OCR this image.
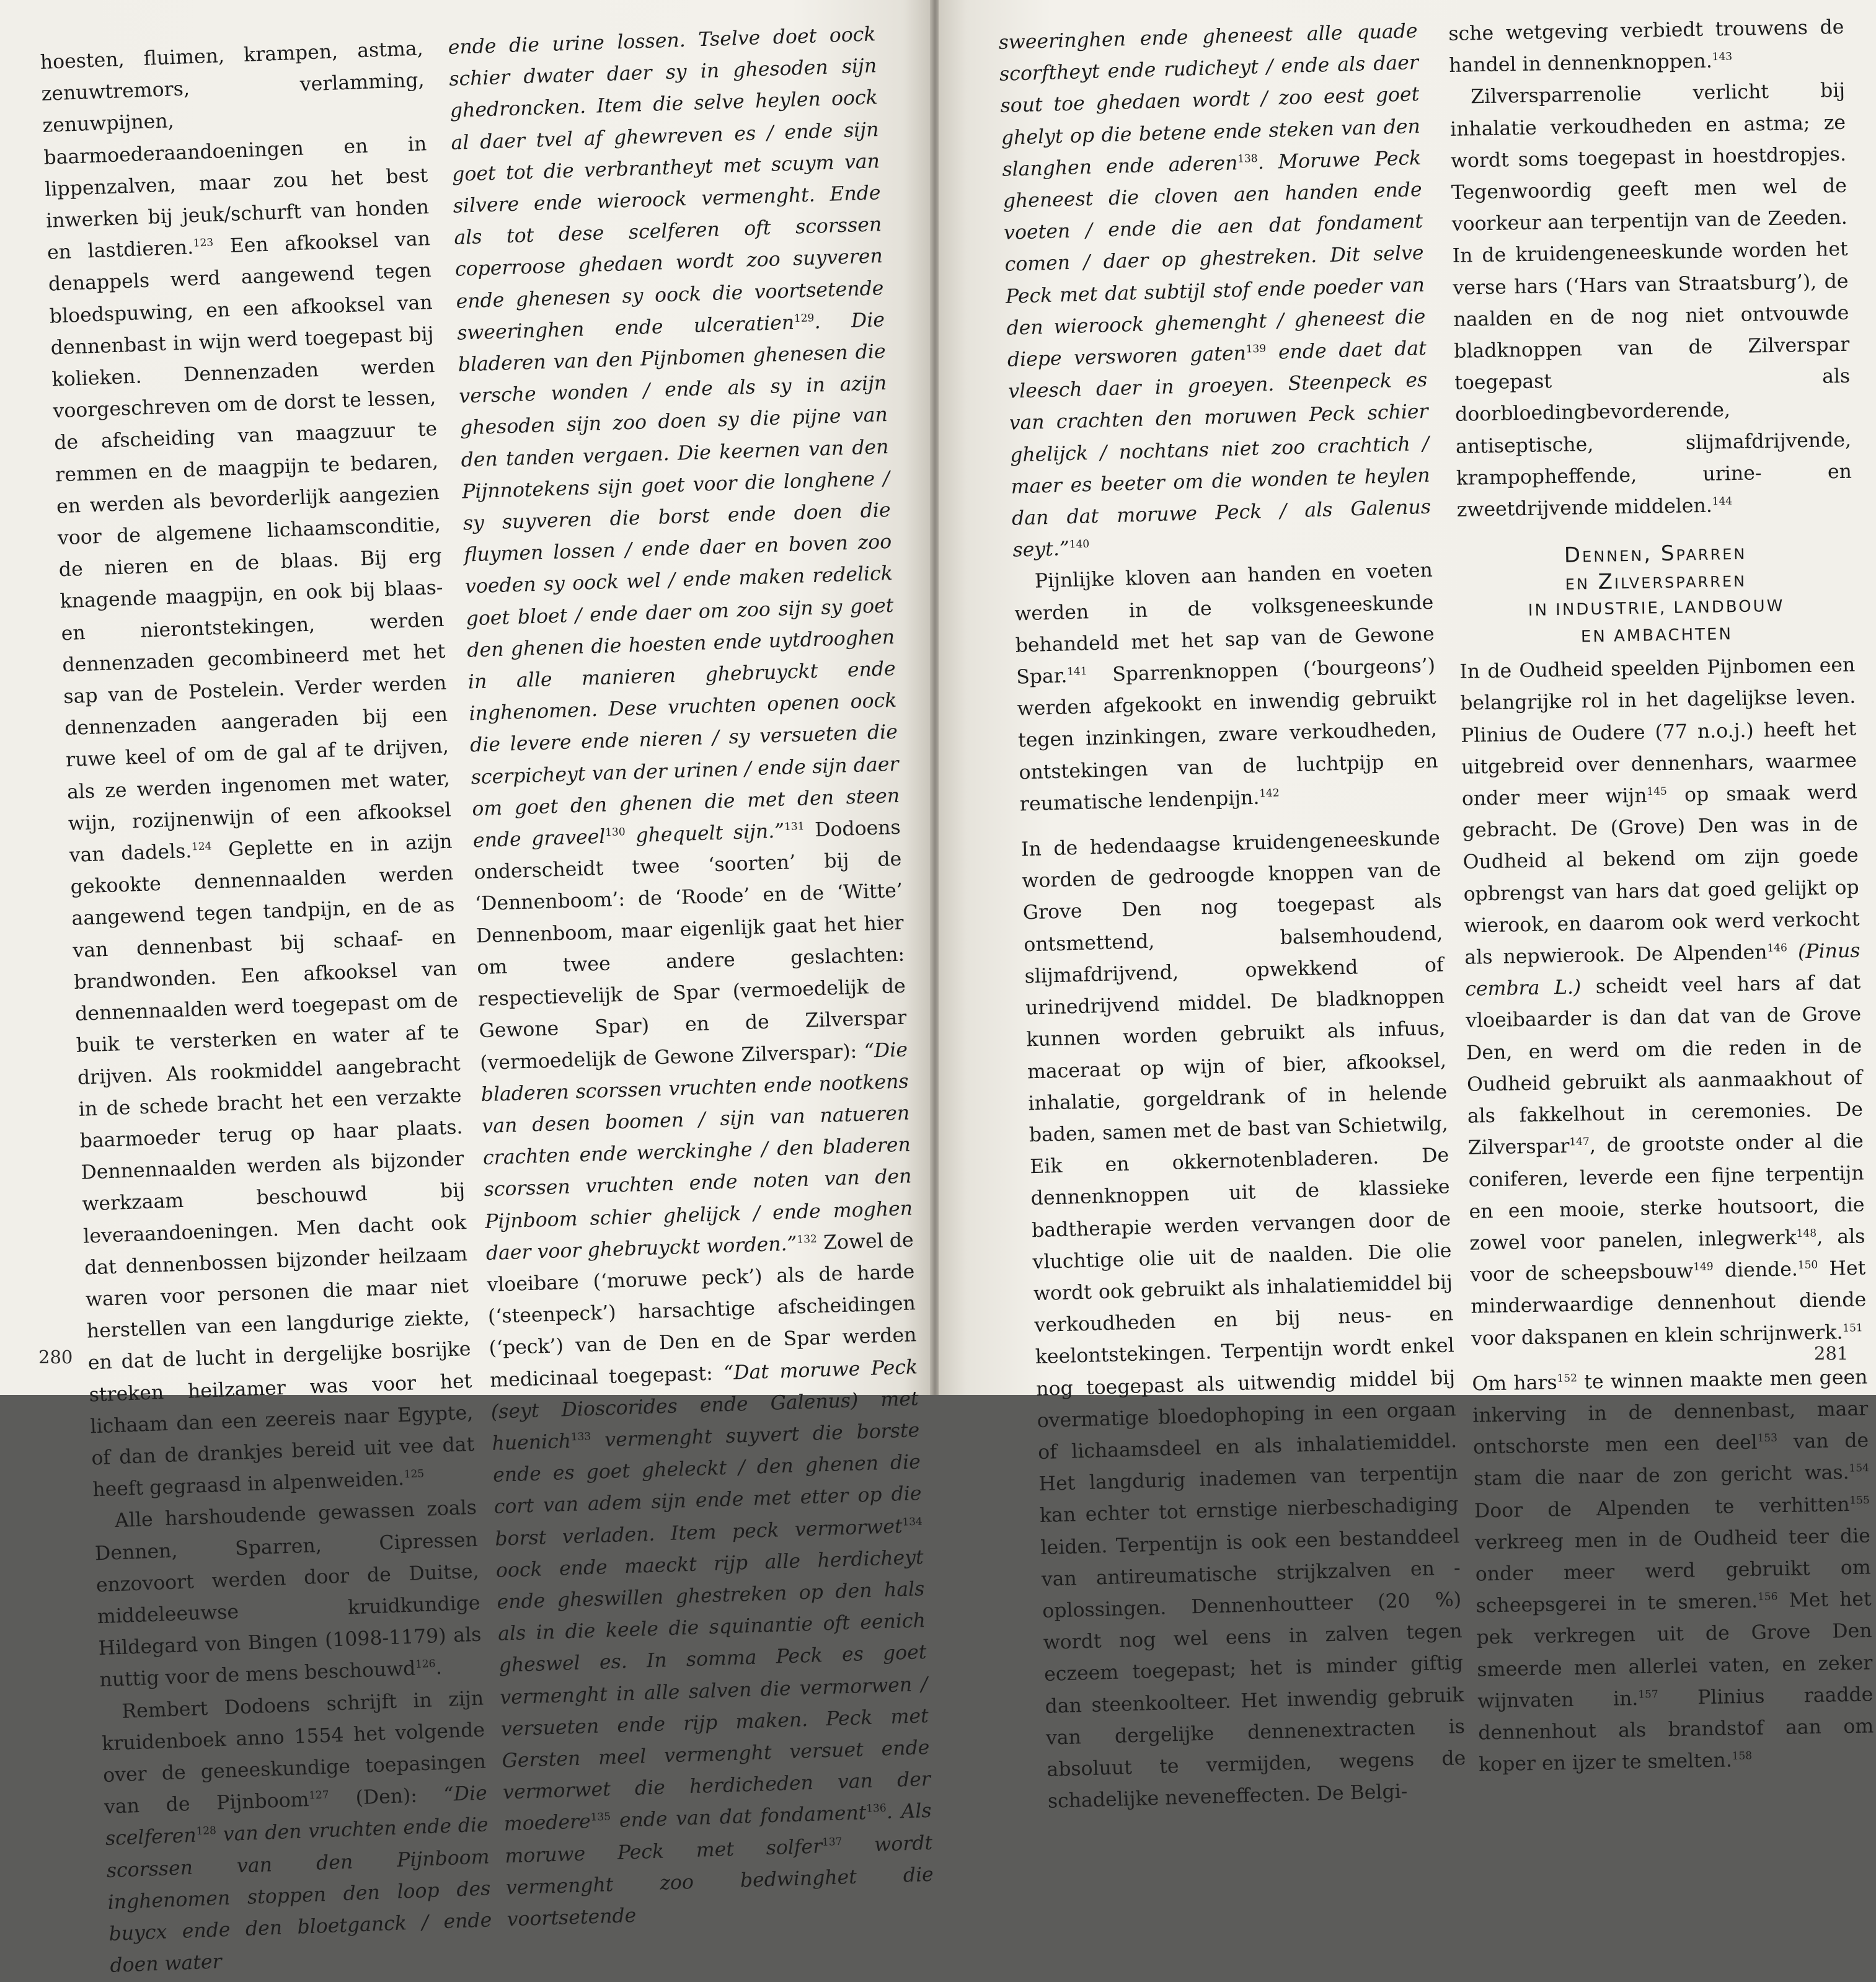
hoesten, fluimen, krampen, astma, zenuwtremors, verlamming, zenuwpijnen, baarmoederaandoeningen en in lippenzalven, maar zou het best inwerken bij jeuk/schurft van honden en lastdieren.$^{123}$ Een afkooksel van denappels werd aangewend tegen bloedspuwing, en een afkooksel van dennenbast in wijn werd toegepast bij kolieken. Dennenzaden werden voorgeschreven om de dorst te lessen, de afscheiding van maagzuur te remmen en de maagpijn te bedaren, en werden als bevorderlijk aangezien voor de algemene lichaamsconditie, de nieren en de blaas. Bij erg knagende maagpijn, en ook bij blaas- en nierontstekingen, werden dennenzaden gecombineerd met het sap van de Postelein. Verder werden dennenzaden aangeraden bij een ruwe keel of om de gal af te drijven, als ze werden ingenomen met water, wijn, rozijnenwijn of een afkooksel van dadels.$^{124}$ Geplette en in azijn gekookte dennennaalden werden aangewend tegen tandpijn, en de as van dennenbast bij schaaf- en brandwonden. Een afkooksel van dennennaalden werd toegepast om de buik te versterken en water af te drijven. Als rookmiddel aangebracht in de schede bracht het een verzakte baarmoeder terug op haar plaats. Dennennaalden werden als bijzonder werkzaam beschouwd bij leveraandoeningen. Men dacht ook dat dennenbossen bijzonder heilzaam waren voor personen die maar niet herstellen van een langdurige ziekte, en dat de lucht in dergelijke bosrijke streken heilzamer was voor het lichaam dan een zeereis naar Egypte, of dan de drankjes bereid uit vee dat heeft gegraasd in alpenweiden.$^{125}$

Alle harshoudende gewassen zoals Dennen, Sparren, Cipressen enzovoort werden door de Duitse, middeleeuwse kruidkundige Hildegard von Bingen (1098-1179) als nuttig voor de mens beschouwd$^{126}$.

Rembert Dodoens schrijft in zijn kruidenboek anno 1554 het volgende over de geneeskundige toepasingen van de Pijnboom$^{127}$ (Den): “Die scelferen$^{128}$ van den vruchten ende die scorssen van den Pijnboom inghenomen stoppen den loop des buycx ende den bloetganck / ende doen water

ende die urine lossen. Tselve doet oock schier dwater daer sy in ghesoden sijn ghedroncken. Item die selve heylen oock al daer tvel af ghewreven es / ende sijn goet tot die verbrantheyt met scuym van silvere ende wieroock vermenght. Ende als tot dese scelferen oft scorssen coperroose ghedaen wordt zoo suyveren ende ghenesen sy oock die voortsetende sweeringhen ende ulceratien$^{129}$. Die bladeren van den Pijnbomen ghenesen die versche wonden / ende als sy in azijn ghesoden sijn zoo doen sy die pijne van den tanden vergaen. Die keernen van den Pijnnotekens sijn goet voor die longhene / sy suyveren die borst ende doen die fluymen lossen / ende daer en boven zoo voeden sy oock wel / ende maken redelick goet bloet / ende daer om zoo sijn sy goet den ghenen die hoesten ende uytdrooghen in alle manieren ghebruyckt ende inghenomen. Dese vruchten openen oock die levere ende nieren / sy versueten die scerpicheyt van der urinen / ende sijn daer om goet den ghenen die met den steen ende graveel$^{130}$ ghequelt sijn.”$^{131}$ Dodoens onderscheidt twee ‘soorten’ bij de ‘Dennenboom’: de ‘Roode’ en de ‘Witte’ Dennenboom, maar eigenlijk gaat het hier om twee andere geslachten: respectievelijk de Spar (vermoedelijk de Gewone Spar) en de Zilverspar (vermoedelijk de Gewone Zilverspar): “Die bladeren scorssen vruchten ende nootkens van desen boomen / sijn van natueren crachten ende werckinghe / den bladeren scorssen vruchten ende noten van den Pijnboom schier ghelijck / ende moghen daer voor ghebruyckt worden.”$^{132}$ Zowel de vloeibare (‘moruwe peck’) als de harde (‘steenpeck’) harsachtige afscheidingen (‘peck’) van de Den en de Spar werden medicinaal toegepast: “Dat moruwe Peck (seyt Dioscorides ende Galenus) met huenich$^{133}$ vermenght suyvert die borste ende es goet gheleckt / den ghenen die cort van adem sijn ende met etter op die borst verladen. Item peck vermorwet$^{134}$ oock ende maeckt rijp alle herdicheyt ende gheswillen ghestreken op den hals als in die keele die squinantie oft eenich gheswel es. In somma Peck es goet vermenght in alle salven die vermorwen / versueten ende rijp maken. Peck met Gersten meel vermenght versuet ende vermorwet die herdicheden van der moedere$^{135}$ ende van dat fondament$^{136}$. Als moruwe Peck met solfer$^{137}$ wordt vermenght zoo bedwinghet die voortsetende

280

sweeringhen ende gheneest alle quade scorftheyt ende rudicheyt / ende als daer sout toe ghedaen wordt / zoo eest goet ghelyt op die betene ende steken van den slanghen ende aderen$^{138}$. Moruwe Peck gheneest die cloven aen handen ende voeten / ende die aen dat fondament comen / daer op ghestreken. Dit selve Peck met dat subtijl stof ende poeder van den wieroock ghemenght / gheneest die diepe versworen gaten$^{139}$ ende daet dat vleesch daer in groeyen. Steenpeck es van crachten den moruwen Peck schier ghelijck / nochtans niet zoo crachtich / maer es beeter om die wonden te heylen dan dat moruwe Peck / als Galenus seyt.”$^{140}$

Pijnlijke kloven aan handen en voeten werden in de volksgeneeskunde behandeld met het sap van de Gewone Spar.$^{141}$ Sparrenknoppen (‘bourgeons’) werden afgekookt en inwendig gebruikt tegen inzinkingen, zware verkoudheden, ontstekingen van de luchtpijp en reumatische lendenpijn.$^{142}$

In de hedendaagse kruidengeneeskunde worden de gedroogde knoppen van de Grove Den nog toegepast als ontsmettend, balsemhoudend, slijmafdrijvend, opwekkend of urinedrijvend middel. De bladknoppen kunnen worden gebruikt als infuus, maceraat op wijn of bier, afkooksel, inhalatie, gorgeldrank of in helende baden, samen met de bast van Schietwilg, Eik en okkernotenbladeren. De dennenknoppen uit de klassieke badtherapie werden vervangen door de vluchtige olie uit de naalden. Die olie wordt ook gebruikt als inhalatiemiddel bij verkoudheden en bij neus- en keelontstekingen. Terpentijn wordt enkel nog toegepast als uitwendig middel bij overmatige bloedophoping in een orgaan of lichaamsdeel en als inhalatiemiddel. Het langdurig inademen van terpentijn kan echter tot ernstige nierbeschadiging leiden. Terpentijn is ook een bestanddeel van antireumatische strijkzalven en -oplossingen. Dennenhoutteer (20 %) wordt nog wel eens in zalven tegen eczeem toegepast; het is minder giftig dan steenkoolteer. Het inwendig gebruik van dergelijke dennenextracten is absoluut te vermijden, wegens de schadelijke neveneffecten. De Belgi-

sche wetgeving verbiedt trouwens de handel in dennenknoppen.$^{143}$

Zilversparrenolie verlicht bij inhalatie verkoudheden en astma; ze wordt soms toegepast in hoestdropjes. Tegenwoordig geeft men wel de voorkeur aan terpentijn van de Zeeden. In de kruidengeneeskunde worden het verse hars (‘Hars van Straatsburg’), de naalden en de nog niet ontvouwde bladknoppen van de Zilverspar toegepast als doorbloedingbevorderende, antiseptische, slijmafdrijvende, krampopheffende, urine- en zweetdrijvende middelen.$^{144}$

Dennen, Sparren
en Zilversparren
IN INDUSTRIE, LANDBOUW
EN AMBACHTEN

In de Oudheid speelden Pijnbomen een belangrijke rol in het dagelijkse leven. Plinius de Oudere (77 n.o.j.) heeft het uitgebreid over dennenhars, waarmee onder meer wijn$^{145}$ op smaak werd gebracht. De (Grove) Den was in de Oudheid al bekend om zijn goede opbrengst van hars dat goed gelijkt op wierook, en daarom ook werd verkocht als nepwierook. De Alpenden$^{146}$ (Pinus cembra L.) scheidt veel hars af dat vloeibaarder is dan dat van de Grove Den, en werd om die reden in de Oudheid gebruikt als aanmaakhout of als fakkelhout in ceremonies. De Zilverspar$^{147}$, de grootste onder al die coniferen, leverde een fijne terpentijn en een mooie, sterke houtsoort, die zowel voor panelen, inlegwerk$^{148}$, als voor de scheepsbouw$^{149}$ diende.$^{150}$ Het minderwaardige dennenhout diende voor dakspanen en klein schrijnwerk.$^{151}$

Om hars$^{152}$ te winnen maakte men geen inkerving in de dennenbast, maar ontschorste men een deel$^{153}$ van de stam die naar de zon gericht was.$^{154}$ Door de Alpenden te verhitten$^{155}$ verkreeg men in de Oudheid teer die onder meer werd gebruikt om scheepsgerei in te smeren.$^{156}$ Met het pek verkregen uit de Grove Den smeerde men allerlei vaten, en zeker wijnvaten in.$^{157}$ Plinius raadde dennenhout als brandstof aan om koper en ijzer te smelten.$^{158}$

281
